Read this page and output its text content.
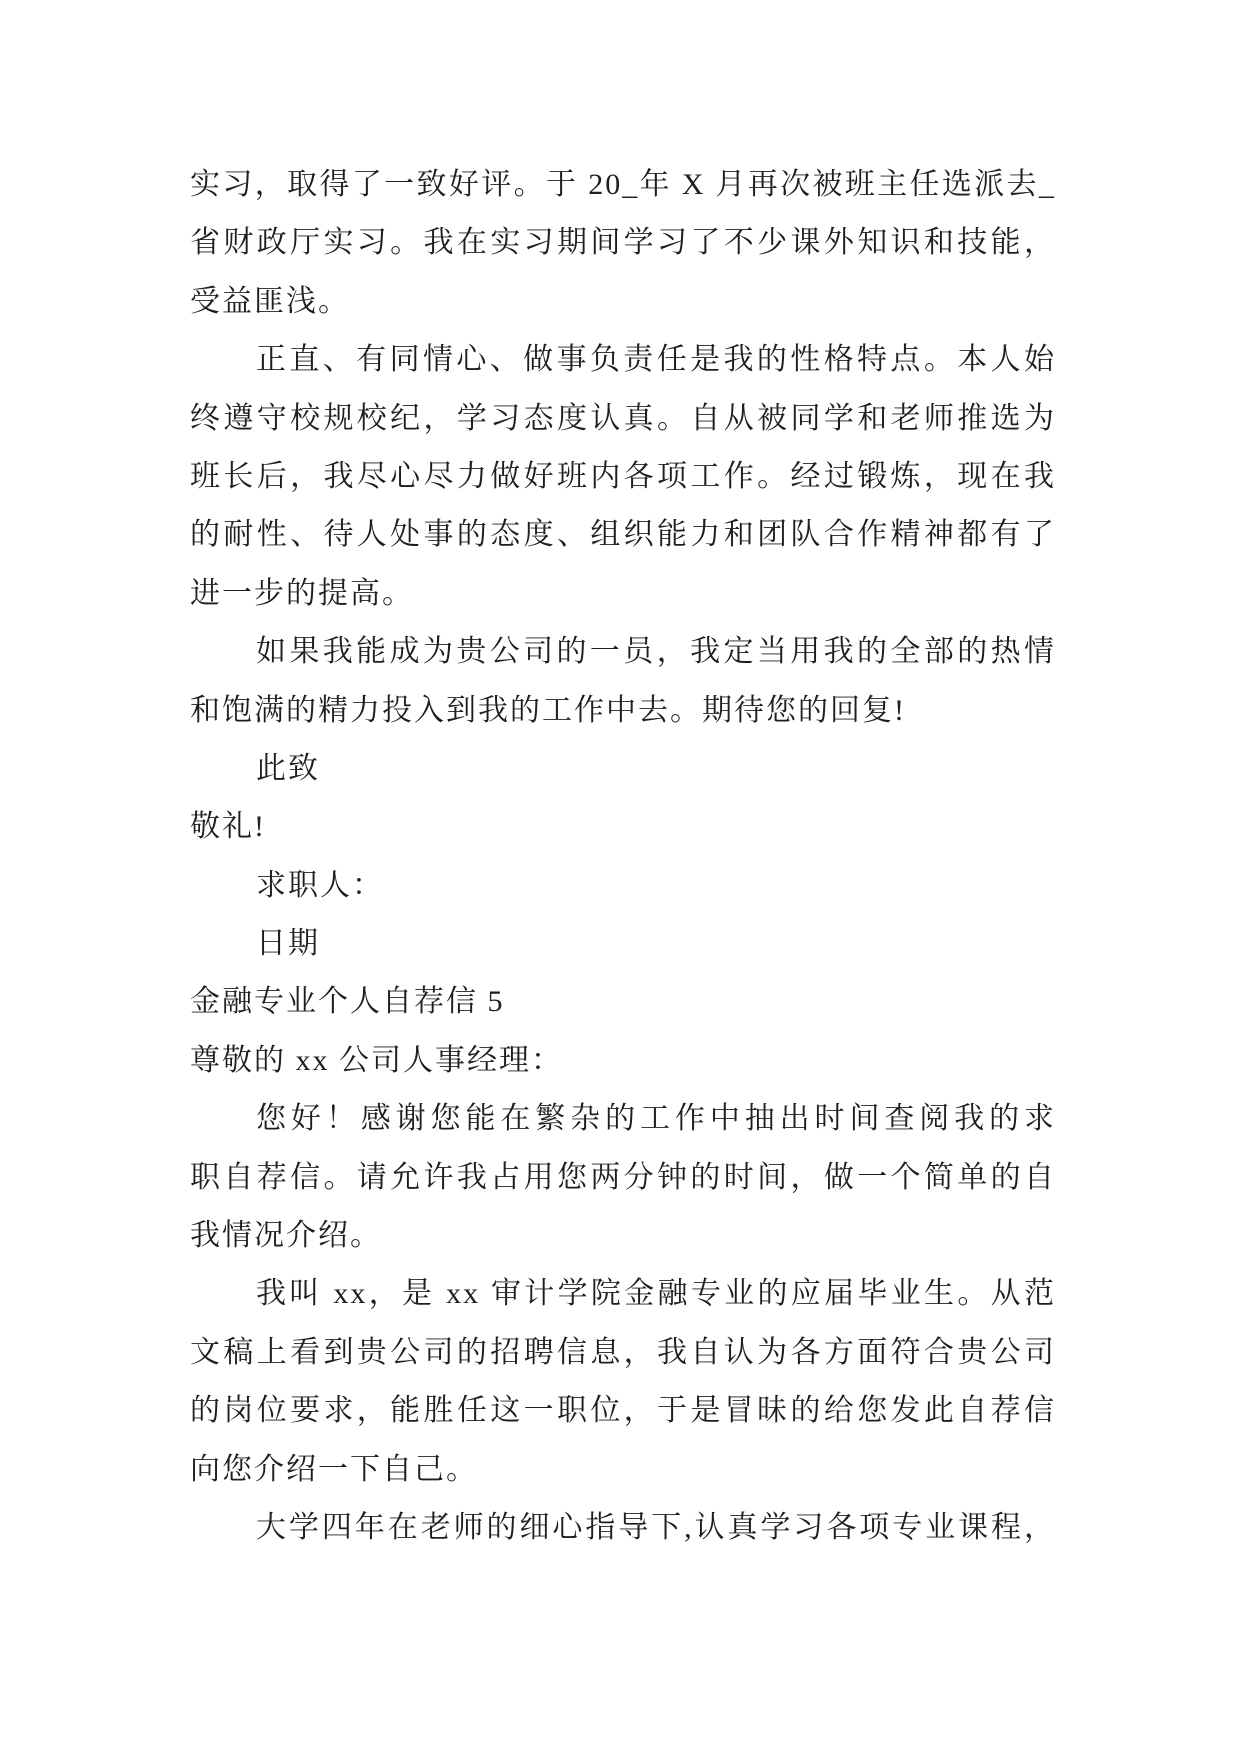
实习，取得了一致好评。于 20_年 X 月再次被班主任选派去_
省财政厅实习。我在实习期间学习了不少课外知识和技能，
受益匪浅。
正直、有同情心、做事负责任是我的性格特点。本人始
终遵守校规校纪，学习态度认真。自从被同学和老师推选为
班长后，我尽心尽力做好班内各项工作。经过锻炼，现在我
的耐性、待人处事的态度、组织能力和团队合作精神都有了
进一步的提高。
如果我能成为贵公司的一员，我定当用我的全部的热情
和饱满的精力投入到我的工作中去。期待您的回复!
此致
敬礼!
求职人：
日期
金融专业个人自荐信 5
尊敬的 xx 公司人事经理：
您好！感谢您能在繁杂的工作中抽出时间查阅我的求
职自荐信。请允许我占用您两分钟的时间，做一个简单的自
我情况介绍。
我叫 xx，是 xx 审计学院金融专业的应届毕业生。从范
文稿上看到贵公司的招聘信息，我自认为各方面符合贵公司
的岗位要求，能胜任这一职位，于是冒昧的给您发此自荐信
向您介绍一下自己。
大学四年在老师的细心指导下,认真学习各项专业课程，
